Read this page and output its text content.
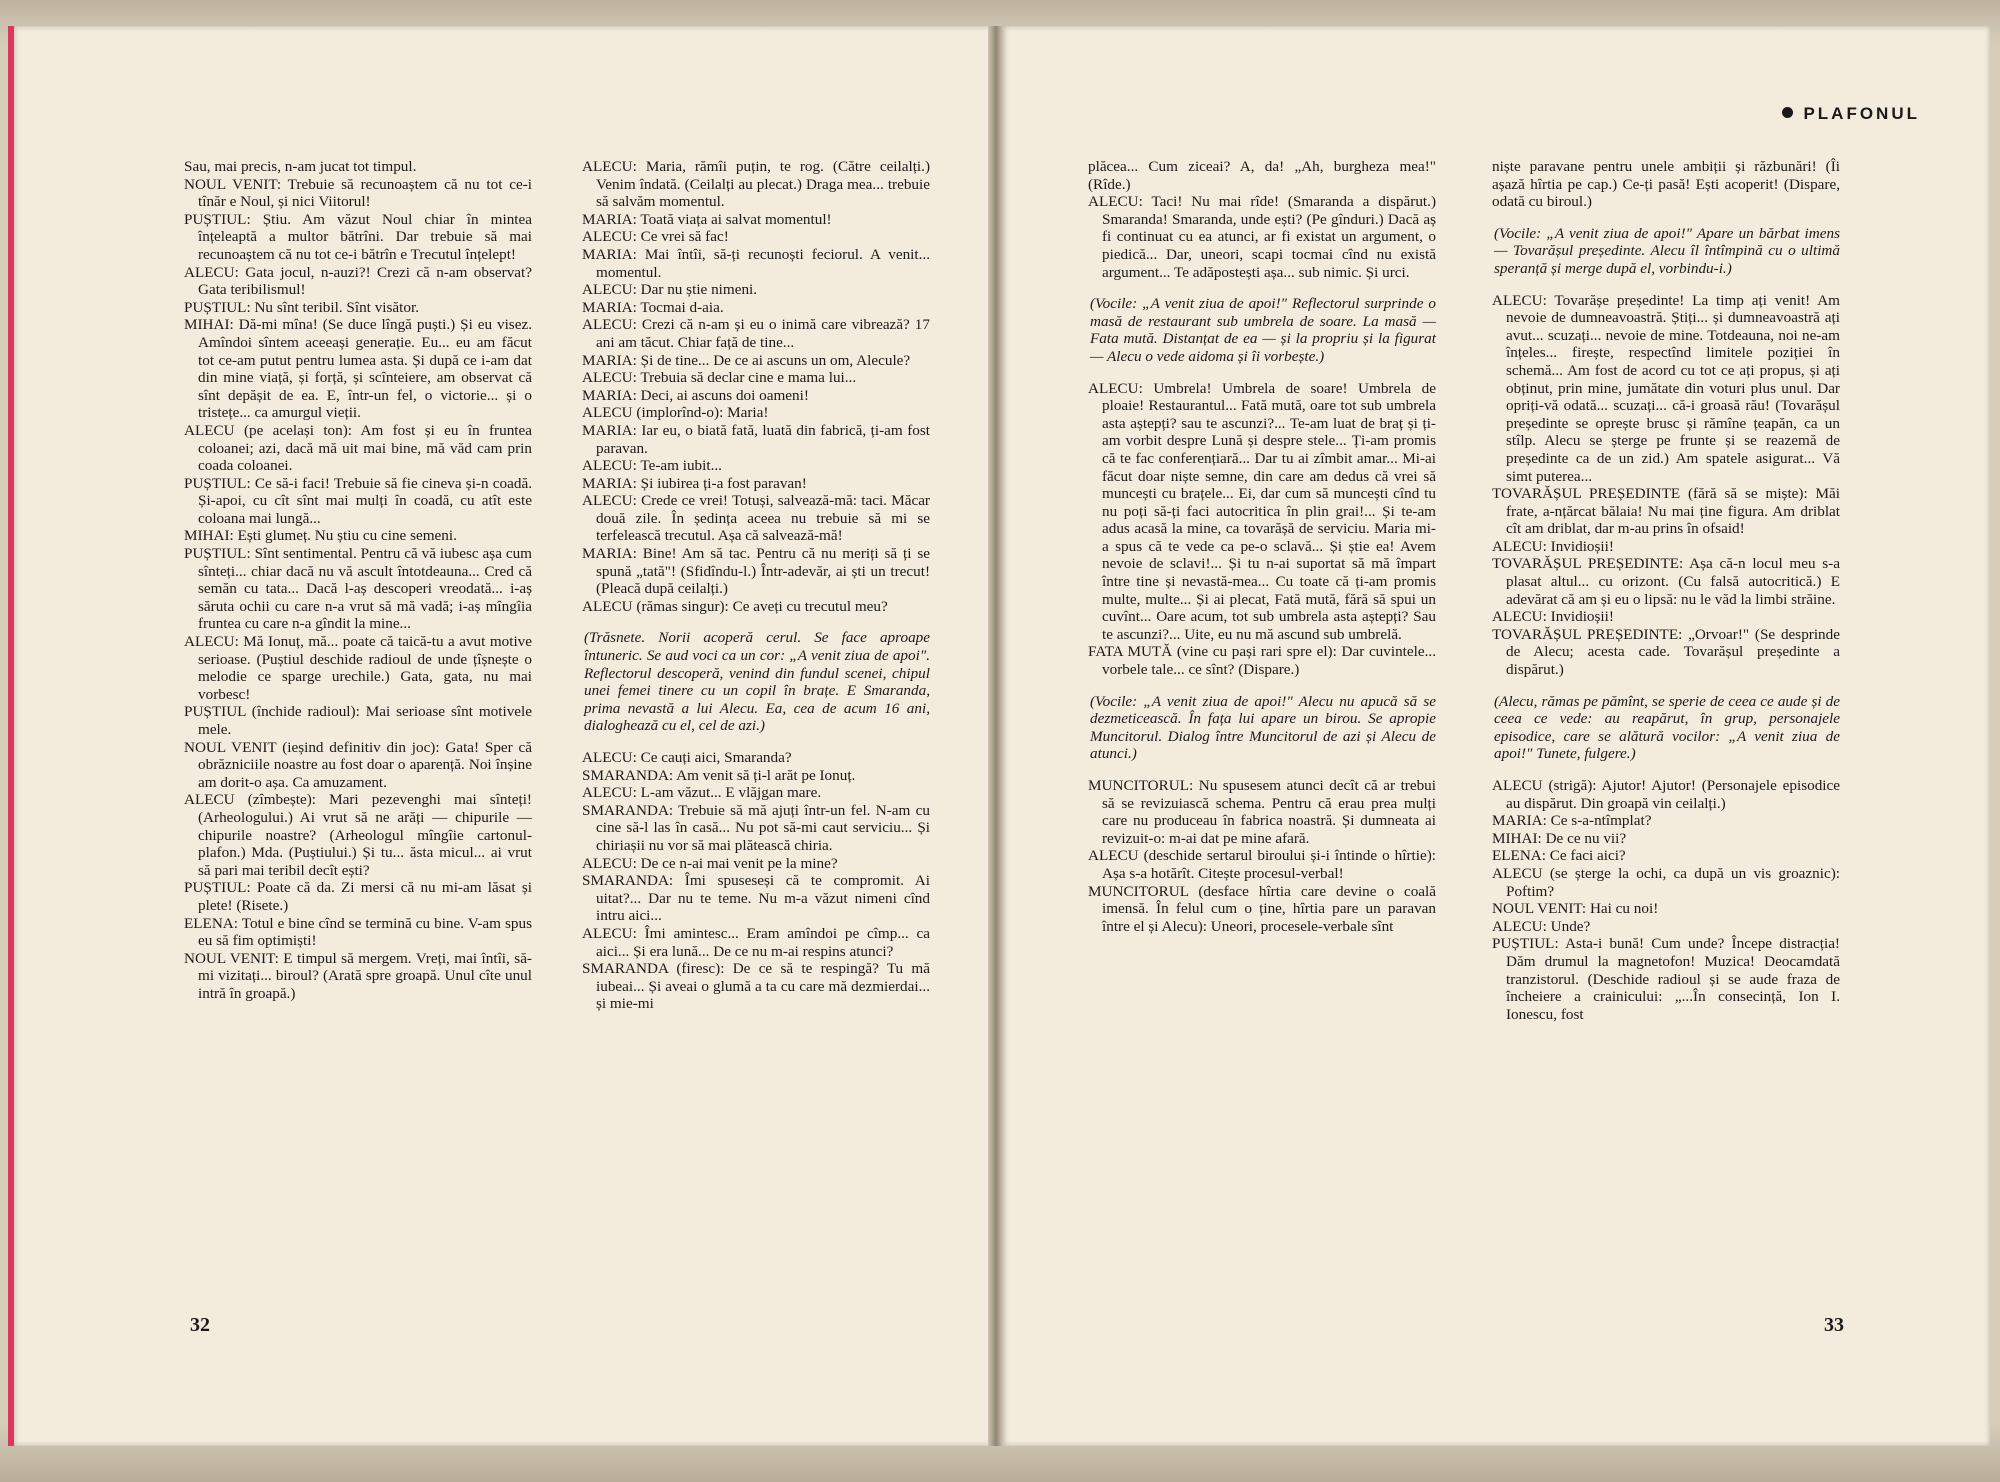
Sau, mai precis, n-am jucat tot timpul.

NOUL VENIT: Trebuie să recunoaștem că nu tot ce-i tînăr e Noul, și nici Viitorul!

PUȘTIUL: Știu. Am văzut Noul chiar în mintea înțeleaptă a multor bătrîni. Dar trebuie să mai recunoaștem că nu tot ce-i bătrîn e Trecutul înțelept!

ALECU: Gata jocul, n-auzi?! Crezi că n-am observat? Gata teribilismul!

PUȘTIUL: Nu sînt teribil. Sînt visător.

MIHAI: Dă-mi mîna! (Se duce lîngă puști.) Și eu visez. Amîndoi sîntem aceeași generație. Eu... eu am făcut tot ce-am putut pentru lumea asta. Și după ce i-am dat din mine viață, și forță, și scînteiere, am observat că sînt depășit de ea. E, într-un fel, o victorie... și o tristețe... ca amurgul vieții.

ALECU (pe același ton): Am fost și eu în fruntea coloanei; azi, dacă mă uit mai bine, mă văd cam prin coada coloanei.

PUȘTIUL: Ce să-i faci! Trebuie să fie cineva și-n coadă. Și-apoi, cu cît sînt mai mulți în coadă, cu atît este coloana mai lungă...

MIHAI: Ești glumeț. Nu știu cu cine semeni.

PUȘTIUL: Sînt sentimental. Pentru că vă iubesc așa cum sînteți... chiar dacă nu vă ascult întotdeauna... Cred că semăn cu tata... Dacă l-aș descoperi vreodată... i-aș săruta ochii cu care n-a vrut să mă vadă; i-aș mîngîia fruntea cu care n-a gîndit la mine...

ALECU: Mă Ionuț, mă... poate că taică-tu a avut motive serioase. (Puștiul deschide radioul de unde țîșnește o melodie ce sparge urechile.) Gata, gata, nu mai vorbesc!

PUȘTIUL (închide radioul): Mai serioase sînt motivele mele.

NOUL VENIT (ieșind definitiv din joc): Gata! Sper că obrăzniciile noastre au fost doar o aparență. Noi înșine am dorit-o așa. Ca amuzament.

ALECU (zîmbește): Mari pezevenghi mai sînteți! (Arheologului.) Ai vrut să ne arăți — chipurile — chipurile noastre? (Arheologul mîngîie cartonul-plafon.) Mda. (Puștiului.) Și tu... ăsta micul... ai vrut să pari mai teribil decît ești?

PUȘTIUL: Poate că da. Zi mersi că nu mi-am lăsat și plete! (Risete.)

ELENA: Totul e bine cînd se termină cu bine. V-am spus eu să fim optimiști!

NOUL VENIT: E timpul să mergem. Vreți, mai întîi, să-mi vizitați... biroul? (Arată spre groapă. Unul cîte unul intră în groapă.)

ALECU: Maria, rămîi puțin, te rog. (Către ceilalți.) Venim îndată. (Ceilalți au plecat.) Draga mea... trebuie să salvăm momentul.

MARIA: Toată viața ai salvat momentul!

ALECU: Ce vrei să fac!

MARIA: Mai întîi, să-ți recunoști feciorul. A venit... momentul.

ALECU: Dar nu știe nimeni.

MARIA: Tocmai d-aia.

ALECU: Crezi că n-am și eu o inimă care vibrează? 17 ani am tăcut. Chiar față de tine...

MARIA: Și de tine... De ce ai ascuns un om, Alecule?

ALECU: Trebuia să declar cine e mama lui...

MARIA: Deci, ai ascuns doi oameni!

ALECU (implorînd-o): Maria!

MARIA: Iar eu, o biată fată, luată din fabrică, ți-am fost paravan.

ALECU: Te-am iubit...

MARIA: Și iubirea ți-a fost paravan!

ALECU: Crede ce vrei! Totuși, salvează-mă: taci. Măcar două zile. În ședința aceea nu trebuie să mi se terfelească trecutul. Așa că salvează-mă!

MARIA: Bine! Am să tac. Pentru că nu meriți să ți se spună „tată"! (Sfidîndu-l.) Într-adevăr, ai ști un trecut! (Pleacă după ceilalți.)

ALECU (rămas singur): Ce aveți cu trecutul meu?

(Trăsnete. Norii acoperă cerul. Se face aproape întuneric. Se aud voci ca un cor: „A venit ziua de apoi". Reflectorul descoperă, venind din fundul scenei, chipul unei femei tinere cu un copil în brațe. E Smaranda, prima nevastă a lui Alecu. Ea, cea de acum 16 ani, dialoghează cu el, cel de azi.)

ALECU: Ce cauți aici, Smaranda?

SMARANDA: Am venit să ți-l arăt pe Ionuț.

ALECU: L-am văzut... E vlăjgan mare.

SMARANDA: Trebuie să mă ajuți într-un fel. N-am cu cine să-l las în casă... Nu pot să-mi caut serviciu... Și chiriașii nu vor să mai plătească chiria.

ALECU: De ce n-ai mai venit pe la mine?

SMARANDA: Îmi spuseseși că te compromit. Ai uitat?... Dar nu te teme. Nu m-a văzut nimeni cînd intru aici...

ALECU: Îmi amintesc... Eram amîndoi pe cîmp... ca aici... Și era lună... De ce nu m-ai respins atunci?

SMARANDA (firesc): De ce să te respingă? Tu mă iubeai... Și aveai o glumă a ta cu care mă dezmierdai... și mie-mi

32
PLAFONUL

plăcea... Cum ziceai? A, da! „Ah, burgheza mea!" (Rîde.)

ALECU: Taci! Nu mai rîde! (Smaranda a dispărut.) Smaranda! Smaranda, unde ești? (Pe gînduri.) Dacă aș fi continuat cu ea atunci, ar fi existat un argument, o piedică... Dar, uneori, scapi tocmai cînd nu există argument... Te adăpostești așa... sub nimic. Și urci.

(Vocile: „A venit ziua de apoi!" Reflectorul surprinde o masă de restaurant sub umbrela de soare. La masă — Fata mută. Distanțat de ea — și la propriu și la figurat — Alecu o vede aidoma și îi vorbește.)

ALECU: Umbrela! Umbrela de soare! Umbrela de ploaie! Restaurantul... Fată mută, oare tot sub umbrela asta aștepți? sau te ascunzi?... Te-am luat de braț și ți-am vorbit despre Lună și despre stele... Ți-am promis că te fac conferențiară... Dar tu ai zîmbit amar... Mi-ai făcut doar niște semne, din care am dedus că vrei să muncești cu brațele... Ei, dar cum să muncești cînd tu nu poți să-ți faci autocritica în plin grai!... Și te-am adus acasă la mine, ca tovarășă de serviciu. Maria mi-a spus că te vede ca pe-o sclavă... Și știe ea! Avem nevoie de sclavi!... Și tu n-ai suportat să mă împart între tine și nevastă-mea... Cu toate că ți-am promis multe, multe... Și ai plecat, Fată mută, fără să spui un cuvînt... Oare acum, tot sub umbrela asta aștepți? Sau te ascunzi?... Uite, eu nu mă ascund sub umbrelă.

FATA MUTĂ (vine cu pași rari spre el): Dar cuvintele... vorbele tale... ce sînt? (Dispare.)

(Vocile: „A venit ziua de apoi!" Alecu nu apucă să se dezmeticească. În fața lui apare un birou. Se apropie Muncitorul. Dialog între Muncitorul de azi și Alecu de atunci.)

MUNCITORUL: Nu spusesem atunci decît că ar trebui să se revizuiască schema. Pentru că erau prea mulți care nu produceau în fabrica noastră. Și dumneata ai revizuit-o: m-ai dat pe mine afară.

ALECU (deschide sertarul biroului și-i întinde o hîrtie): Așa s-a hotărît. Citește procesul-verbal!

MUNCITORUL (desface hîrtia care devine o coală imensă. În felul cum o ține, hîrtia pare un paravan între el și Alecu): Uneori, procesele-verbale sînt

niște paravane pentru unele ambiții și răzbunări! (Îi așază hîrtia pe cap.) Ce-ți pasă! Ești acoperit! (Dispare, odată cu biroul.)

(Vocile: „A venit ziua de apoi!" Apare un bărbat imens — Tovarășul președinte. Alecu îl întîmpină cu o ultimă speranță și merge după el, vorbindu-i.)

ALECU: Tovarășe președinte! La timp ați venit! Am nevoie de dumneavoastră. Știți... și dumneavoastră ați avut... scuzați... nevoie de mine. Totdeauna, noi ne-am înțeles... firește, respectînd limitele poziției în schemă... Am fost de acord cu tot ce ați propus, și ați obținut, prin mine, jumătate din voturi plus unul. Dar opriți-vă odată... scuzați... că-i groasă rău! (Tovarășul președinte se oprește brusc și rămîne țeapăn, ca un stîlp. Alecu se șterge pe frunte și se reazemă de președinte ca de un zid.) Am spatele asigurat... Vă simt puterea...

TOVARĂȘUL PREȘEDINTE (fără să se miște): Măi frate, a-nțărcat bălaia! Nu mai ține figura. Am driblat cît am driblat, dar m-au prins în ofsaid!

ALECU: Invidioșii!

TOVARĂȘUL PREȘEDINTE: Așa că-n locul meu s-a plasat altul... cu orizont. (Cu falsă autocritică.) E adevărat că am și eu o lipsă: nu le văd la limbi străine.

ALECU: Invidioșii!

TOVARĂȘUL PREȘEDINTE: „Orvoar!" (Se desprinde de Alecu; acesta cade. Tovarășul președinte a dispărut.)

(Alecu, rămas pe pămînt, se sperie de ceea ce aude și de ceea ce vede: au reapărut, în grup, personajele episodice, care se alătură vocilor: „A venit ziua de apoi!" Tunete, fulgere.)

ALECU (strigă): Ajutor! Ajutor! (Personajele episodice au dispărut. Din groapă vin ceilalți.)

MARIA: Ce s-a-ntîmplat?

MIHAI: De ce nu vii?

ELENA: Ce faci aici?

ALECU (se șterge la ochi, ca după un vis groaznic): Poftim?

NOUL VENIT: Hai cu noi!

ALECU: Unde?

PUȘTIUL: Asta-i bună! Cum unde? Începe distracția! Dăm drumul la magnetofon! Muzica! Deocamdată tranzistorul. (Deschide radioul și se aude fraza de încheiere a crainicului: „...În consecință, Ion I. Ionescu, fost

33
